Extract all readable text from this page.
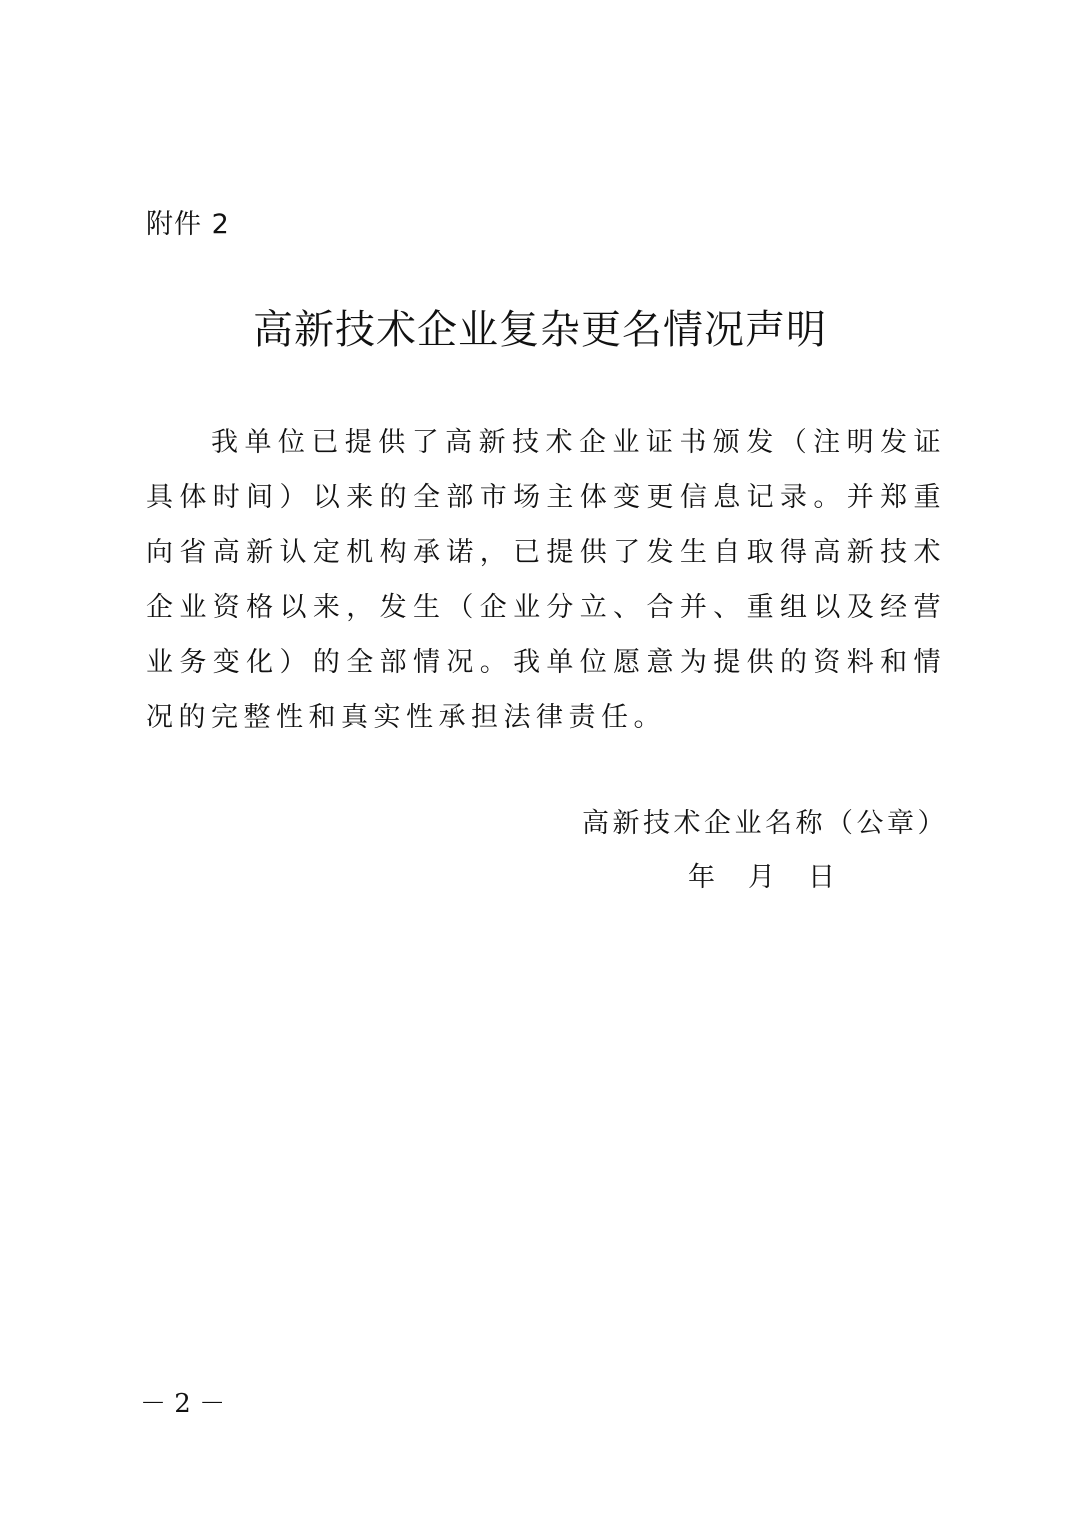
附件 2
高新技术企业复杂更名情况声明

我单位已提供了高新技术企业证书颁发（注明发证具体时间）以来的全部市场主体变更信息记录。并郑重向省高新认定机构承诺，已提供了发生自取得高新技术企业资格以来，发生（企业分立、合并、重组以及经营业务变化）的全部情况。我单位愿意为提供的资料和情况的完整性和真实性承担法律责任。

高新技术企业名称（公章）
年 月 日
－ 2 －
